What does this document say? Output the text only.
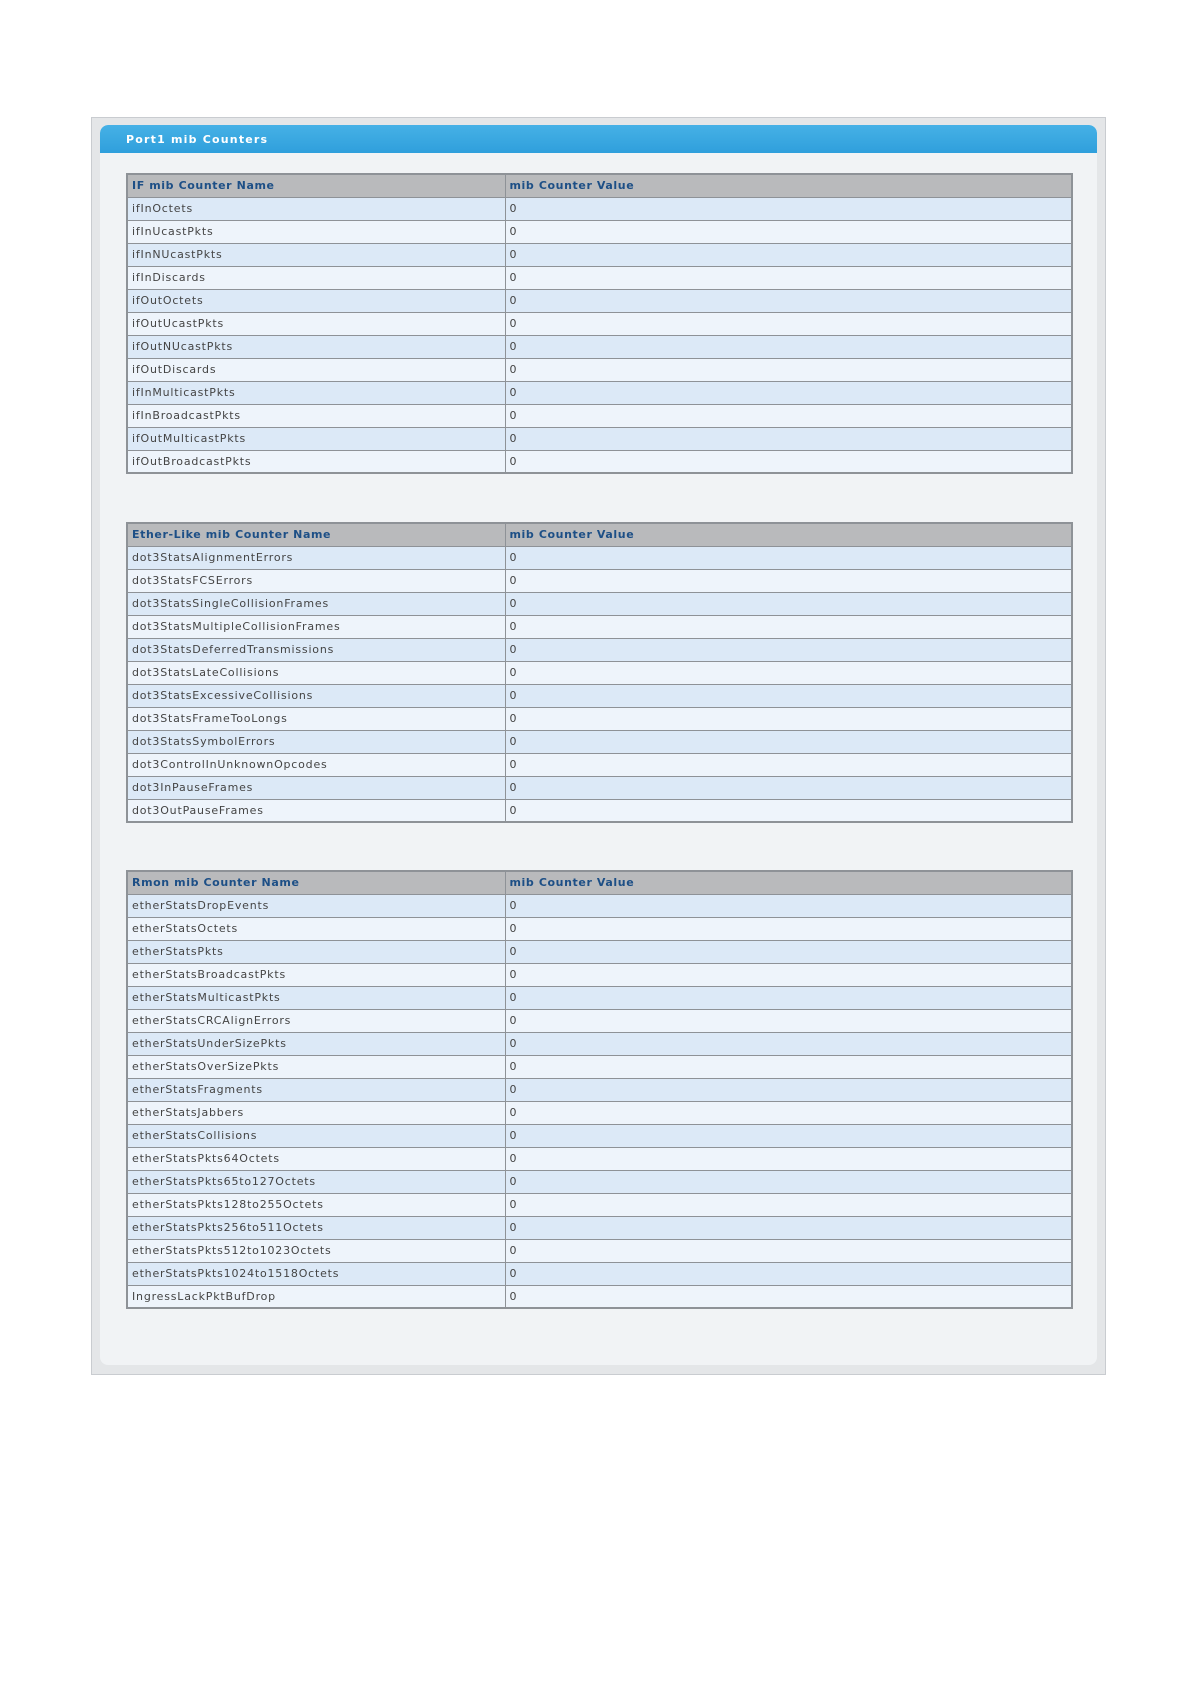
Port1 mib Counters
IF mib Counter Name	mib Counter Value
ifInOctets	0
ifInUcastPkts	0
ifInNUcastPkts	0
ifInDiscards	0
ifOutOctets	0
ifOutUcastPkts	0
ifOutNUcastPkts	0
ifOutDiscards	0
ifInMulticastPkts	0
ifInBroadcastPkts	0
ifOutMulticastPkts	0
ifOutBroadcastPkts	0
Ether-Like mib Counter Name	mib Counter Value
dot3StatsAlignmentErrors	0
dot3StatsFCSErrors	0
dot3StatsSingleCollisionFrames	0
dot3StatsMultipleCollisionFrames	0
dot3StatsDeferredTransmissions	0
dot3StatsLateCollisions	0
dot3StatsExcessiveCollisions	0
dot3StatsFrameTooLongs	0
dot3StatsSymbolErrors	0
dot3ControlInUnknownOpcodes	0
dot3InPauseFrames	0
dot3OutPauseFrames	0
Rmon mib Counter Name	mib Counter Value
etherStatsDropEvents	0
etherStatsOctets	0
etherStatsPkts	0
etherStatsBroadcastPkts	0
etherStatsMulticastPkts	0
etherStatsCRCAlignErrors	0
etherStatsUnderSizePkts	0
etherStatsOverSizePkts	0
etherStatsFragments	0
etherStatsJabbers	0
etherStatsCollisions	0
etherStatsPkts64Octets	0
etherStatsPkts65to127Octets	0
etherStatsPkts128to255Octets	0
etherStatsPkts256to511Octets	0
etherStatsPkts512to1023Octets	0
etherStatsPkts1024to1518Octets	0
IngressLackPktBufDrop	0
